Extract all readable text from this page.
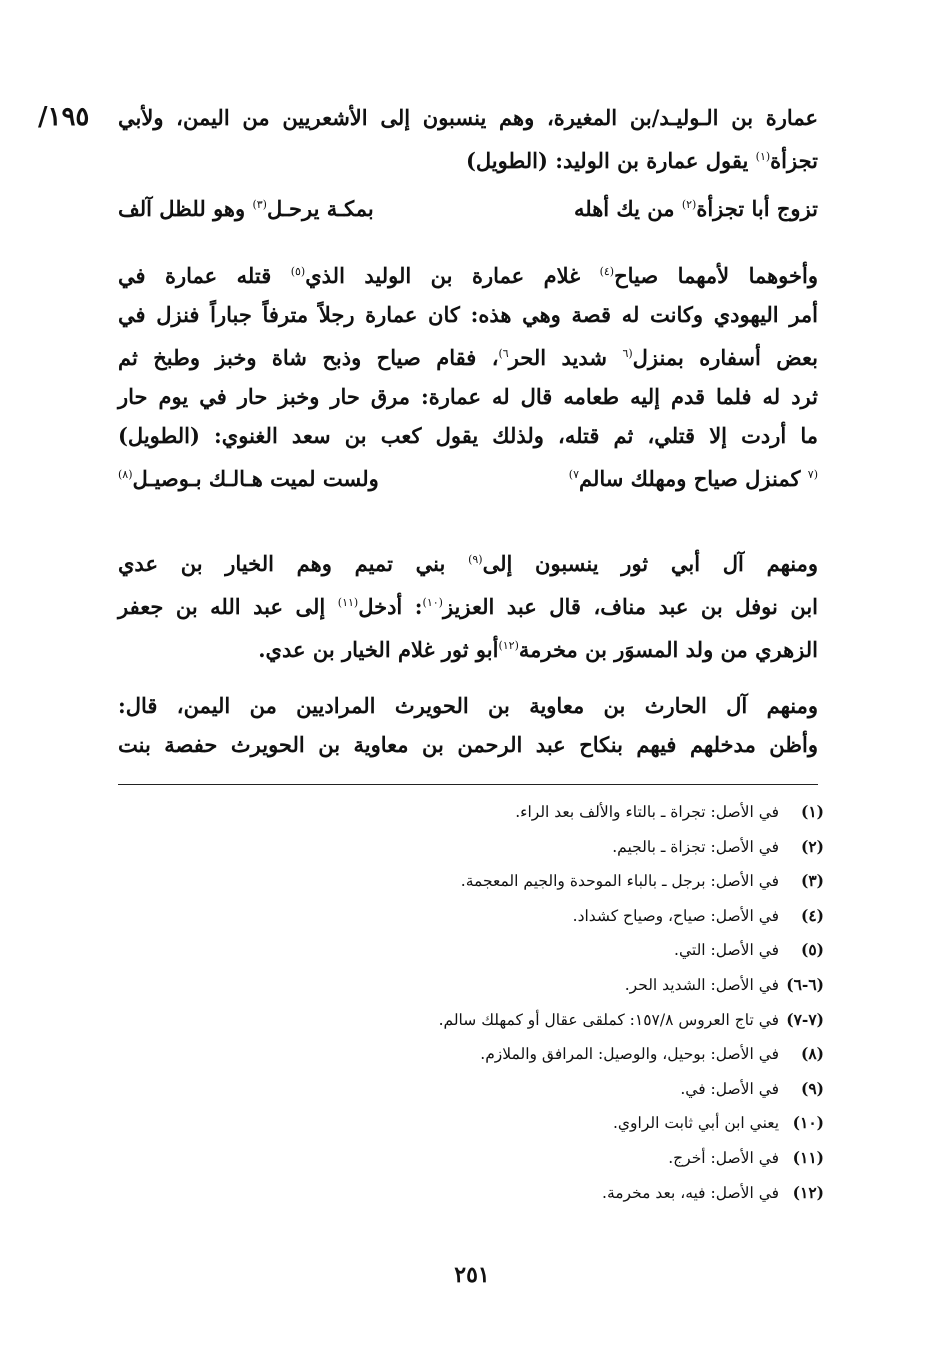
١٩٥/ عمارة بن الـوليـد/بن المغيرة، وهم ينسبون إلى الأشعريين من اليمن، ولأبي
تجزأة$^{(١)}$ يقول عمارة بن الوليد: (الطويل)
تزوج أبا تجزأة$^{(٢)}$ من يك أهله
بمكـة يرحـل$^{(٣)}$ وهو للظل آلف
وأخوهما لأمهما صياح$^{(٤)}$ غلام عمارة بن الوليد الذي$^{(٥)}$ قتله عمارة في
أمر اليهودي وكانت له قصة وهي هذه: كان عمارة رجلاً مترفاً جباراً فنزل في
بعض أسفاره بمنزل$^{(٦}$ شديد الحر$^{٦)}$، فقام صياح وذبح شاة وخبز وطبخ ثم
ثرد له فلما قدم إليه طعامه قال له عمارة: مرق حار وخبز حار في يوم حار
ما أردت إلا قتلي، ثم قتله، ولذلك يقول كعب بن سعد الغنوي: (الطويل)
$^{(٧}$ كمنزل صياح ومهلك سالم$^{٧)}$
ولست لميت هـالـك بـوصيـل$^{(٨)}$
ومنهم آل أبي ثور ينسبون إلى$^{(٩)}$ بني تميم وهم الخيار بن عدي
ابن نوفل بن عبد مناف، قال عبد العزيز$^{(١٠)}$: أدخل$^{(١١)}$ إلى عبد الله بن جعفر
الزهري من ولد المسوَر بن مخرمة$^{(١٢)}$أبو ثور غلام الخيار بن عدي.
ومنهم آل الحارث بن معاوية بن الحويرث المراديين من اليمن، قال:
وأظن مدخلهم فيهم بنكاح عبد الرحمن بن معاوية بن الحويرث حفصة بنت
(١) في الأصل: تجراة ـ بالتاء والألف بعد الراء.
(٢) في الأصل: تجزاة ـ بالجيم.
(٣) في الأصل: برجل ـ بالباء الموحدة والجيم المعجمة.
(٤) في الأصل: صياح، وصياح كشداد.
(٥) في الأصل: التي.
(٦-٦) في الأصل: الشديد الحر.
(٧-٧) في تاج العروس ١٥٧/٨: كملقى عقال أو كمهلك سالم.
(٨) في الأصل: بوحيل، والوصيل: المرافق والملازم.
(٩) في الأصل: في.
(١٠) يعني ابن أبي ثابت الراوي.
(١١) في الأصل: أخرج.
(١٢) في الأصل: فيه، بعد مخرمة.
٢٥١
